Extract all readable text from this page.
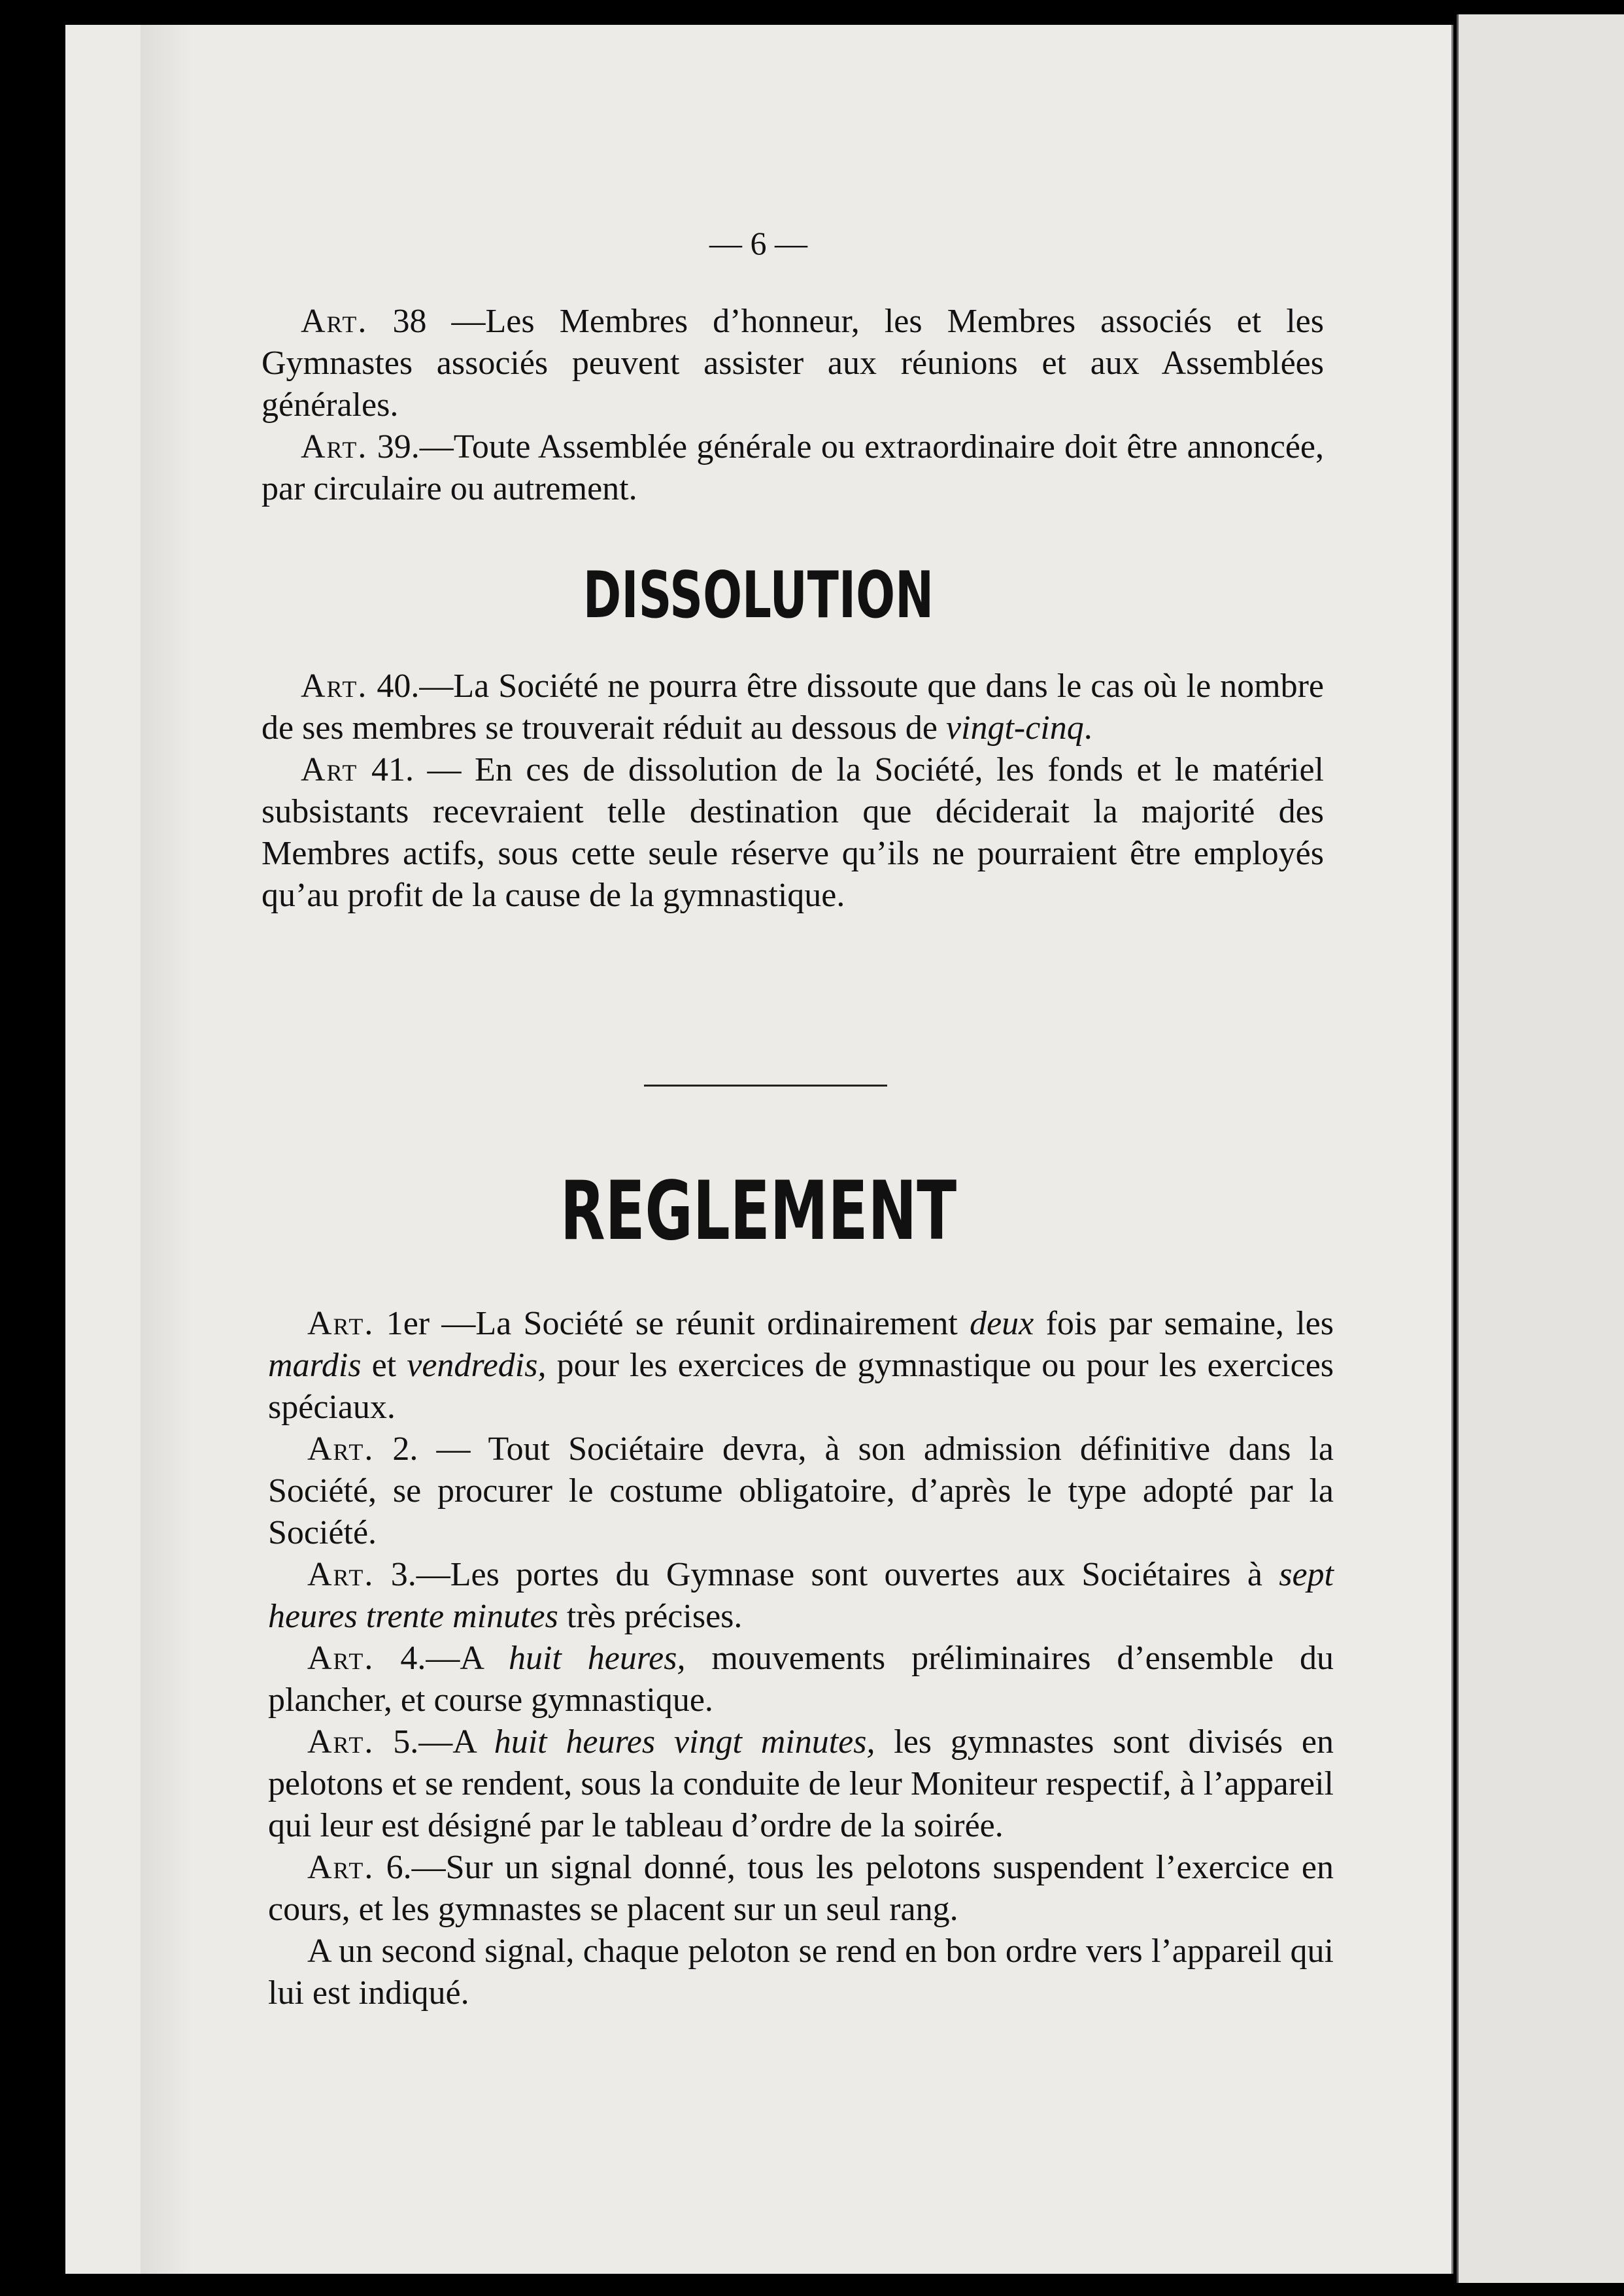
— 6 —

Art. 38 —Les Membres d’honneur, les Membres associés et les Gymnastes associés peuvent assister aux réunions et aux Assemblées générales.

Art. 39.—Toute Assemblée générale ou extraordinaire doit être annoncée, par circulaire ou autrement.

DISSOLUTION

Art. 40.—La Société ne pourra être dissoute que dans le cas où le nombre de ses membres se trouverait réduit au dessous de vingt-cinq.

Art 41. — En ces de dissolution de la Société, les fonds et le matériel subsistants recevraient telle destination que déciderait la majorité des Membres actifs, sous cette seule réserve qu’ils ne pourraient être employés qu’au profit de la cause de la gymnastique.

REGLEMENT

Art. 1er —La Société se réunit ordinairement deux fois par semaine, les mardis et vendredis, pour les exercices de gymnastique ou pour les exercices spéciaux.

Art. 2. — Tout Sociétaire devra, à son admission définitive dans la Société, se procurer le costume obligatoire, d’après le type adopté par la Société.

Art. 3.—Les portes du Gymnase sont ouvertes aux Sociétaires à sept heures trente minutes très précises.

Art. 4.—A huit heures, mouvements préliminaires d’ensemble du plancher, et course gymnastique.

Art. 5.—A huit heures vingt minutes, les gymnastes sont divisés en pelotons et se rendent, sous la conduite de leur Moniteur respectif, à l’appareil qui leur est désigné par le tableau d’ordre de la soirée.

Art. 6.—Sur un signal donné, tous les pelotons suspendent l’exercice en cours, et les gymnastes se placent sur un seul rang.

A un second signal, chaque peloton se rend en bon ordre vers l’appareil qui lui est indiqué.
